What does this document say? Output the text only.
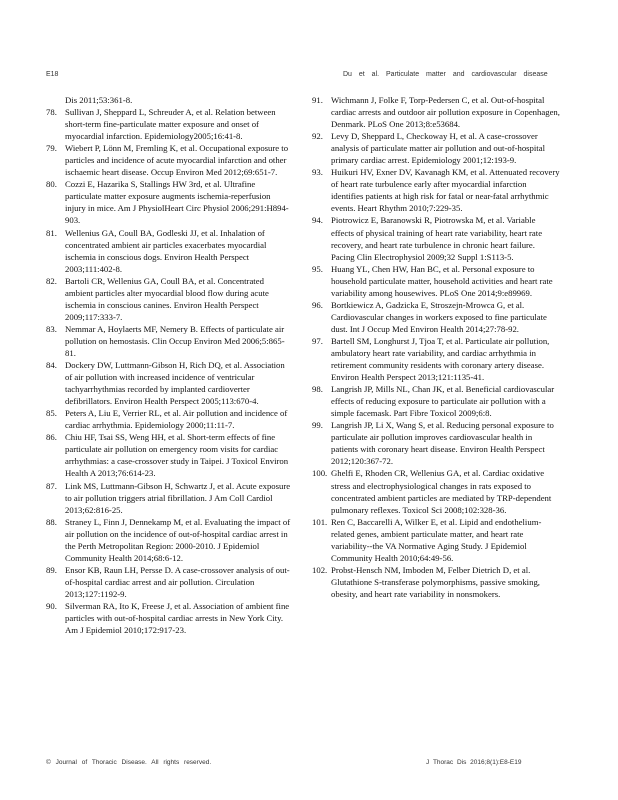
E18	Du et al. Particulate matter and cardiovascular disease
Dis 2011;53:361-8.
78. Sullivan J, Sheppard L, Schreuder A, et al. Relation between short-term fine-particulate matter exposure and onset of myocardial infarction. Epidemiology2005;16:41-8.
79. Wiebert P, Lönn M, Fremling K, et al. Occupational exposure to particles and incidence of acute myocardial infarction and other ischaemic heart disease. Occup Environ Med 2012;69:651-7.
80. Cozzi E, Hazarika S, Stallings HW 3rd, et al. Ultrafine particulate matter exposure augments ischemia-reperfusion injury in mice. Am J PhysiolHeart Circ Physiol 2006;291:H894-903.
81. Wellenius GA, Coull BA, Godleski JJ, et al. Inhalation of concentrated ambient air particles exacerbates myocardial ischemia in conscious dogs. Environ Health Perspect 2003;111:402-8.
82. Bartoli CR, Wellenius GA, Coull BA, et al. Concentrated ambient particles alter myocardial blood flow during acute ischemia in conscious canines. Environ Health Perspect 2009;117:333-7.
83. Nemmar A, Hoylaerts MF, Nemery B. Effects of particulate air pollution on hemostasis. Clin Occup Environ Med 2006;5:865-81.
84. Dockery DW, Luttmann-Gibson H, Rich DQ, et al. Association of air pollution with increased incidence of ventricular tachyarrhythmias recorded by implanted cardioverter defibrillators. Environ Health Perspect 2005;113:670-4.
85. Peters A, Liu E, Verrier RL, et al. Air pollution and incidence of cardiac arrhythmia. Epidemiology 2000;11:11-7.
86. Chiu HF, Tsai SS, Weng HH, et al. Short-term effects of fine particulate air pollution on emergency room visits for cardiac arrhythmias: a case-crossover study in Taipei. J Toxicol Environ Health A 2013;76:614-23.
87. Link MS, Luttmann-Gibson H, Schwartz J, et al. Acute exposure to air pollution triggers atrial fibrillation. J Am Coll Cardiol 2013;62:816-25.
88. Straney L, Finn J, Dennekamp M, et al. Evaluating the impact of air pollution on the incidence of out-of-hospital cardiac arrest in the Perth Metropolitan Region: 2000-2010. J Epidemiol Community Health 2014;68:6-12.
89. Ensor KB, Raun LH, Persse D. A case-crossover analysis of out-of-hospital cardiac arrest and air pollution. Circulation 2013;127:1192-9.
90. Silverman RA, Ito K, Freese J, et al. Association of ambient fine particles with out-of-hospital cardiac arrests in New York City. Am J Epidemiol 2010;172:917-23.
91. Wichmann J, Folke F, Torp-Pedersen C, et al. Out-of-hospital cardiac arrests and outdoor air pollution exposure in Copenhagen, Denmark. PLoS One 2013;8:e53684.
92. Levy D, Sheppard L, Checkoway H, et al. A case-crossover analysis of particulate matter air pollution and out-of-hospital primary cardiac arrest. Epidemiology 2001;12:193-9.
93. Huikuri HV, Exner DV, Kavanagh KM, et al. Attenuated recovery of heart rate turbulence early after myocardial infarction identifies patients at high risk for fatal or near-fatal arrhythmic events. Heart Rhythm 2010;7:229-35.
94. Piotrowicz E, Baranowski R, Piotrowska M, et al. Variable effects of physical training of heart rate variability, heart rate recovery, and heart rate turbulence in chronic heart failure. Pacing Clin Electrophysiol 2009;32 Suppl 1:S113-5.
95. Huang YL, Chen HW, Han BC, et al. Personal exposure to household particulate matter, household activities and heart rate variability among housewives. PLoS One 2014;9:e89969.
96. Bortkiewicz A, Gadzicka E, Stroszejn-Mrowca G, et al. Cardiovascular changes in workers exposed to fine particulate dust. Int J Occup Med Environ Health 2014;27:78-92.
97. Bartell SM, Longhurst J, Tjoa T, et al. Particulate air pollution, ambulatory heart rate variability, and cardiac arrhythmia in retirement community residents with coronary artery disease. Environ Health Perspect 2013;121:1135-41.
98. Langrish JP, Mills NL, Chan JK, et al. Beneficial cardiovascular effects of reducing exposure to particulate air pollution with a simple facemask. Part Fibre Toxicol 2009;6:8.
99. Langrish JP, Li X, Wang S, et al. Reducing personal exposure to particulate air pollution improves cardiovascular health in patients with coronary heart disease. Environ Health Perspect 2012;120:367-72.
100. Ghelfi E, Rhoden CR, Wellenius GA, et al. Cardiac oxidative stress and electrophysiological changes in rats exposed to concentrated ambient particles are mediated by TRP-dependent pulmonary reflexes. Toxicol Sci 2008;102:328-36.
101. Ren C, Baccarelli A, Wilker E, et al. Lipid and endothelium-related genes, ambient particulate matter, and heart rate variability--the VA Normative Aging Study. J Epidemiol Community Health 2010;64:49-56.
102. Probst-Hensch NM, Imboden M, Felber Dietrich D, et al. Glutathione S-transferase polymorphisms, passive smoking, obesity, and heart rate variability in nonsmokers.
© Journal of Thoracic Disease. All rights reserved.	J Thorac Dis 2016;8(1):E8-E19
